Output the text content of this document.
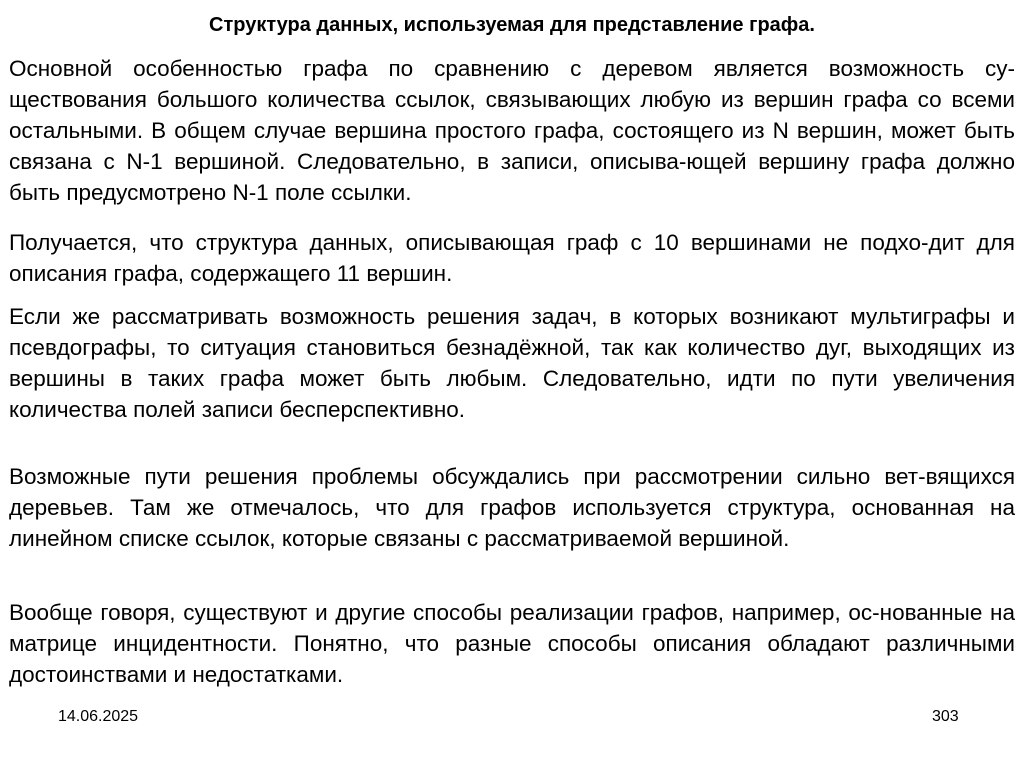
Структура данных, используемая для представление графа.

Основной особенностью графа по сравнению с деревом является возможность су-ществования большого количества ссылок, связывающих любую из вершин графа со всеми остальными. В общем случае вершина простого графа, состоящего из N вершин, может быть связана с N-1 вершиной. Следовательно, в записи, описыва-ющей вершину графа должно быть предусмотрено N-1 поле ссылки.

Получается, что структура данных, описывающая граф с 10 вершинами не подхо-дит для описания графа, содержащего 11 вершин.

Если же рассматривать возможность решения задач, в которых возникают мультиграфы и псевдографы, то ситуация становиться безнадёжной, так как количество дуг, выходящих из вершины в таких графа может быть любым. Следовательно, идти по пути увеличения количества полей записи бесперспективно.

Возможные пути решения проблемы обсуждались при рассмотрении сильно вет-вящихся деревьев. Там же отмечалось, что для графов используется структура, основанная на линейном списке ссылок, которые связаны с рассматриваемой вершиной.

Вообще говоря, существуют и другие способы реализации графов, например, ос-нованные на матрице инцидентности. Понятно, что разные способы описания обладают различными достоинствами и недостатками.

14.06.2025	303
